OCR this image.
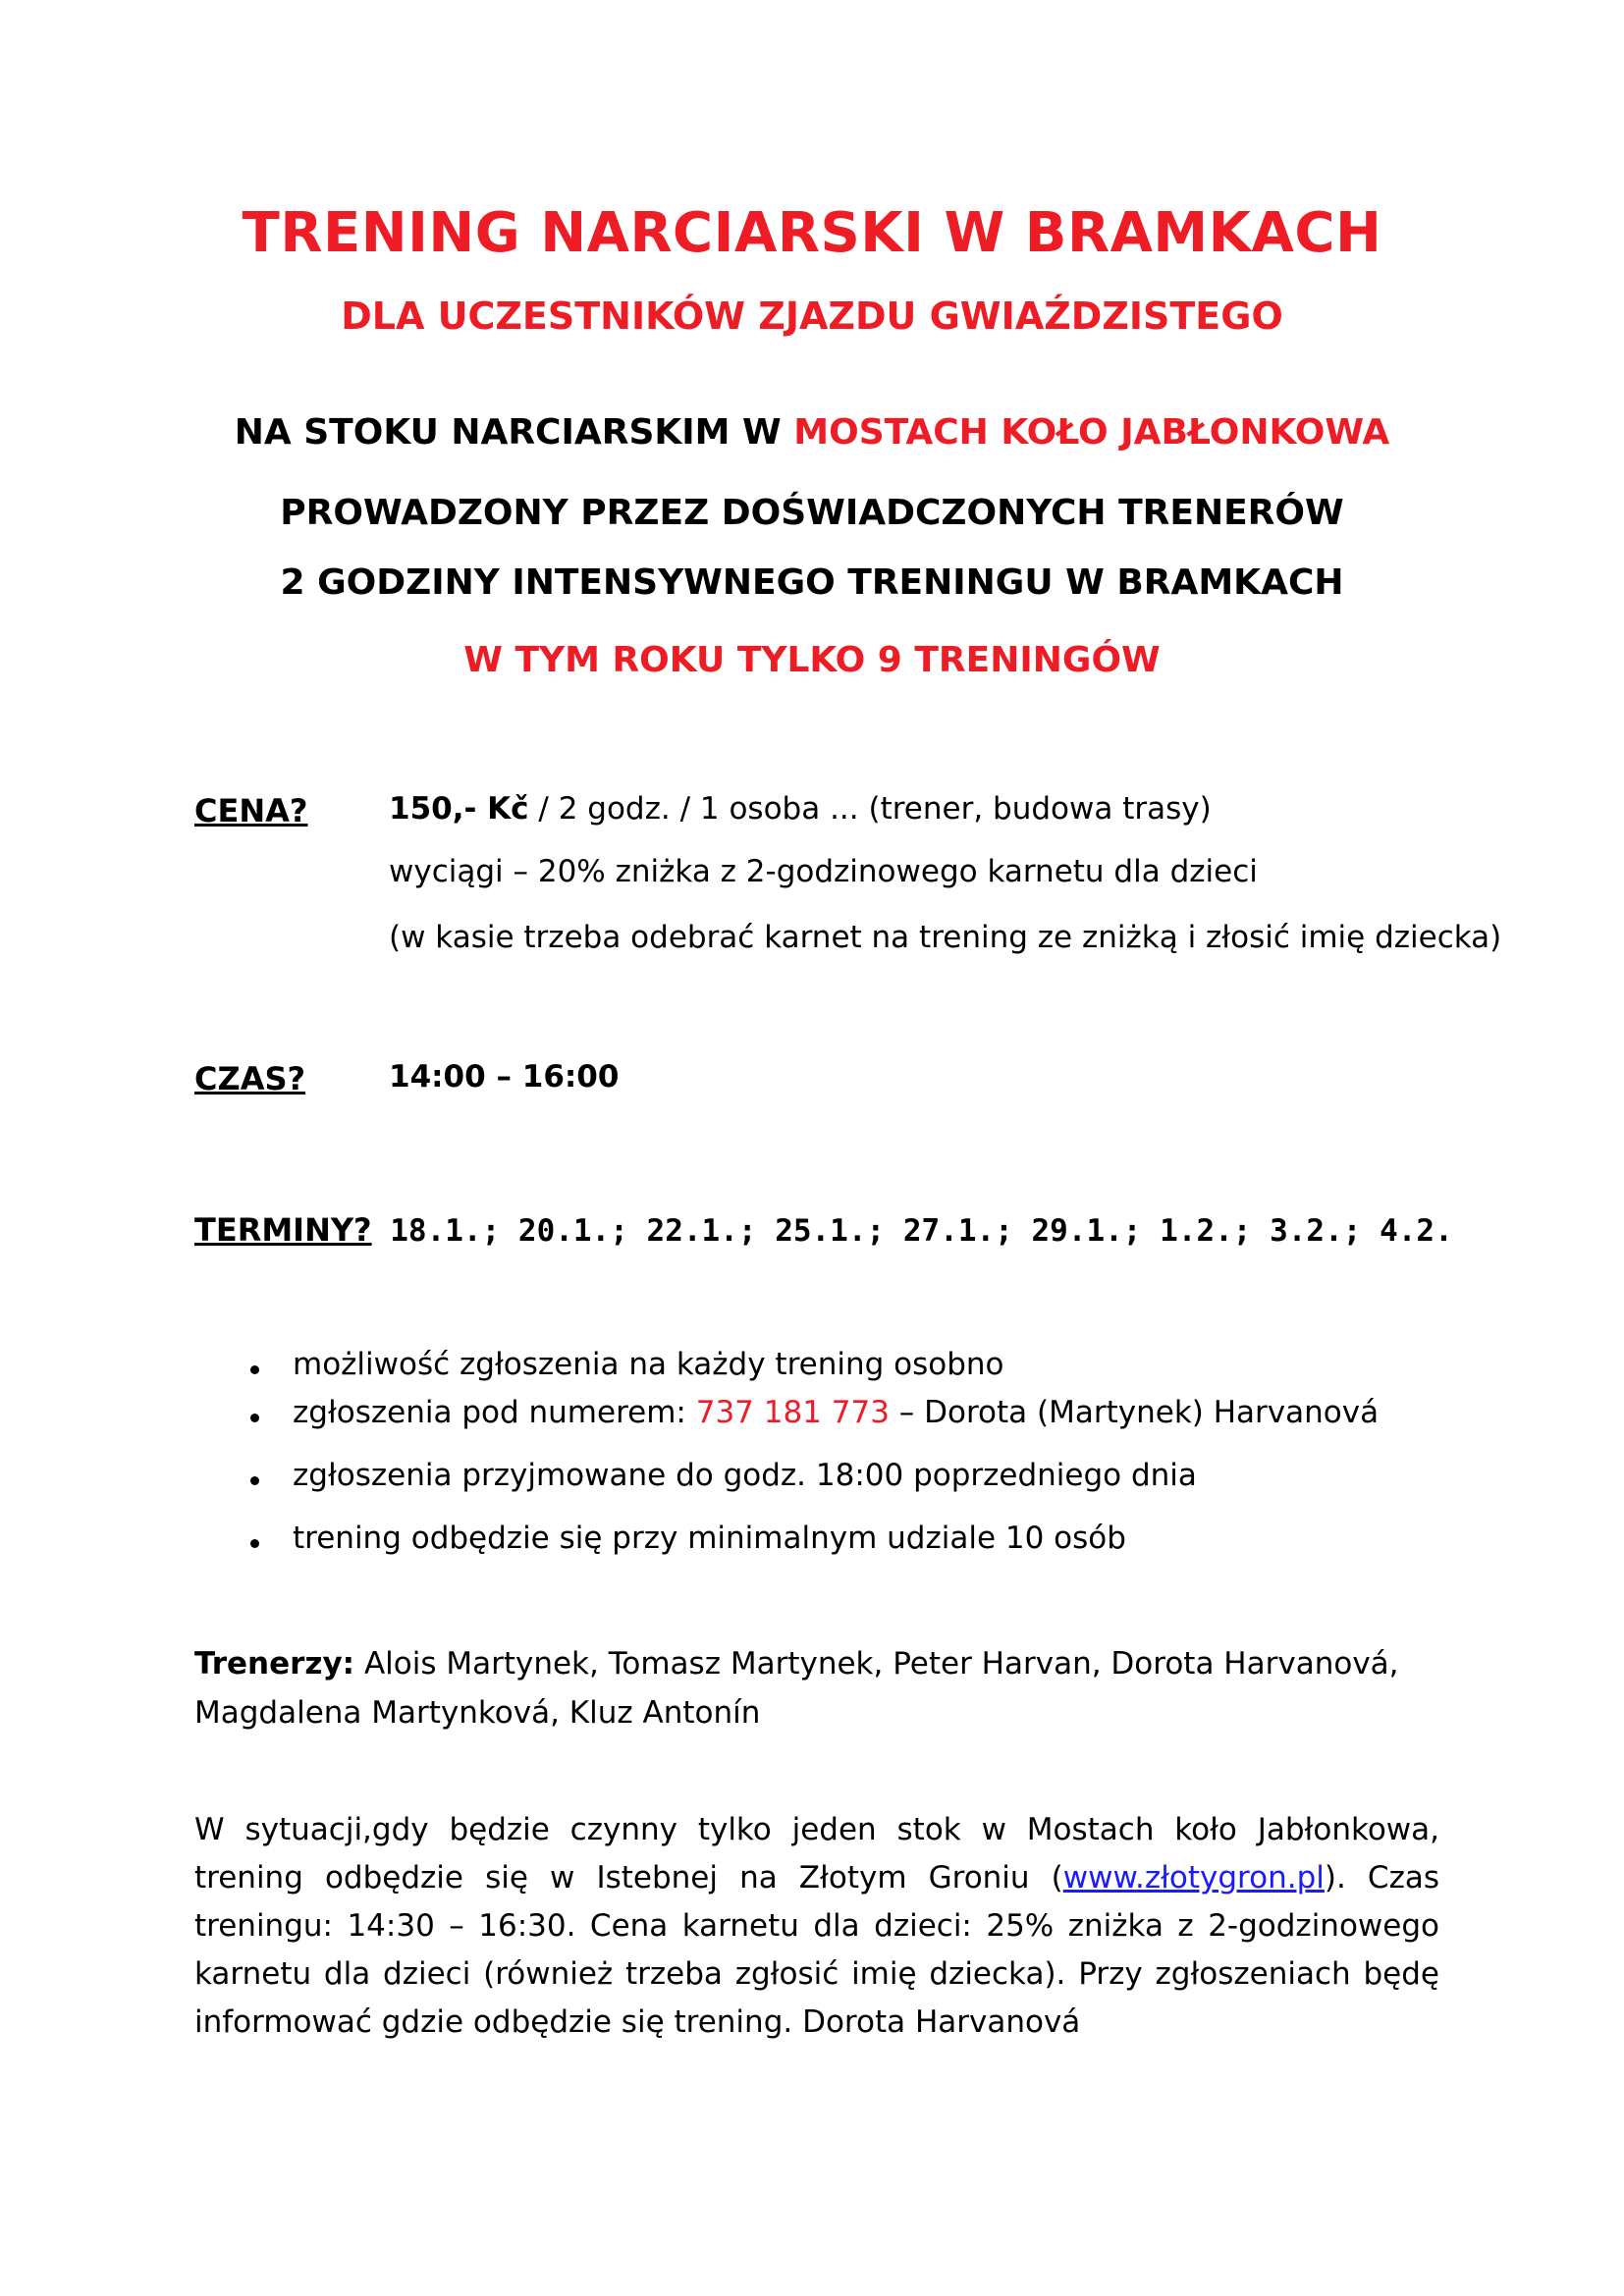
TRENING NARCIARSKI W BRAMKACH
DLA UCZESTNIKÓW ZJAZDU GWIAŹDZISTEGO
NA STOKU NARCIARSKIM W MOSTACH KOŁO JABŁONKOWA
PROWADZONY PRZEZ DOŚWIADCZONYCH TRENERÓW
2 GODZINY INTENSYWNEGO TRENINGU W BRAMKACH
W TYM ROKU TYLKO 9 TRENINGÓW
CENA?	150,- Kč / 2 godz. / 1 osoba ... (trener, budowa trasy)
wyciągi – 20% zniżka z 2-godzinowego karnetu dla dzieci
(w kasie trzeba odebrać karnet na trening ze zniżką i złosić imię dziecka)
CZAS?	14:00 – 16:00
TERMINY? 18.1.; 20.1.; 22.1.; 25.1.; 27.1.; 29.1.; 1.2.; 3.2.; 4.2.
możliwość zgłoszenia na każdy trening osobno
zgłoszenia pod numerem: 737 181 773 – Dorota (Martynek) Harvanová
zgłoszenia przyjmowane do godz. 18:00 poprzedniego dnia
trening odbędzie się przy minimalnym udziale 10 osób
Trenerzy: Alois Martynek, Tomasz Martynek, Peter Harvan, Dorota Harvanová,
Magdalena Martynková, Kluz Antonín
W sytuacji,gdy będzie czynny tylko jeden stok w Mostach koło Jabłonkowa, trening odbędzie się w Istebnej na Złotym Groniu (www.złotygron.pl). Czas treningu: 14:30 – 16:30. Cena karnetu dla dzieci: 25% zniżka z 2-godzinowego karnetu dla dzieci (również trzeba zgłosić imię dziecka). Przy zgłoszeniach będę informować gdzie odbędzie się trening. Dorota Harvanová
